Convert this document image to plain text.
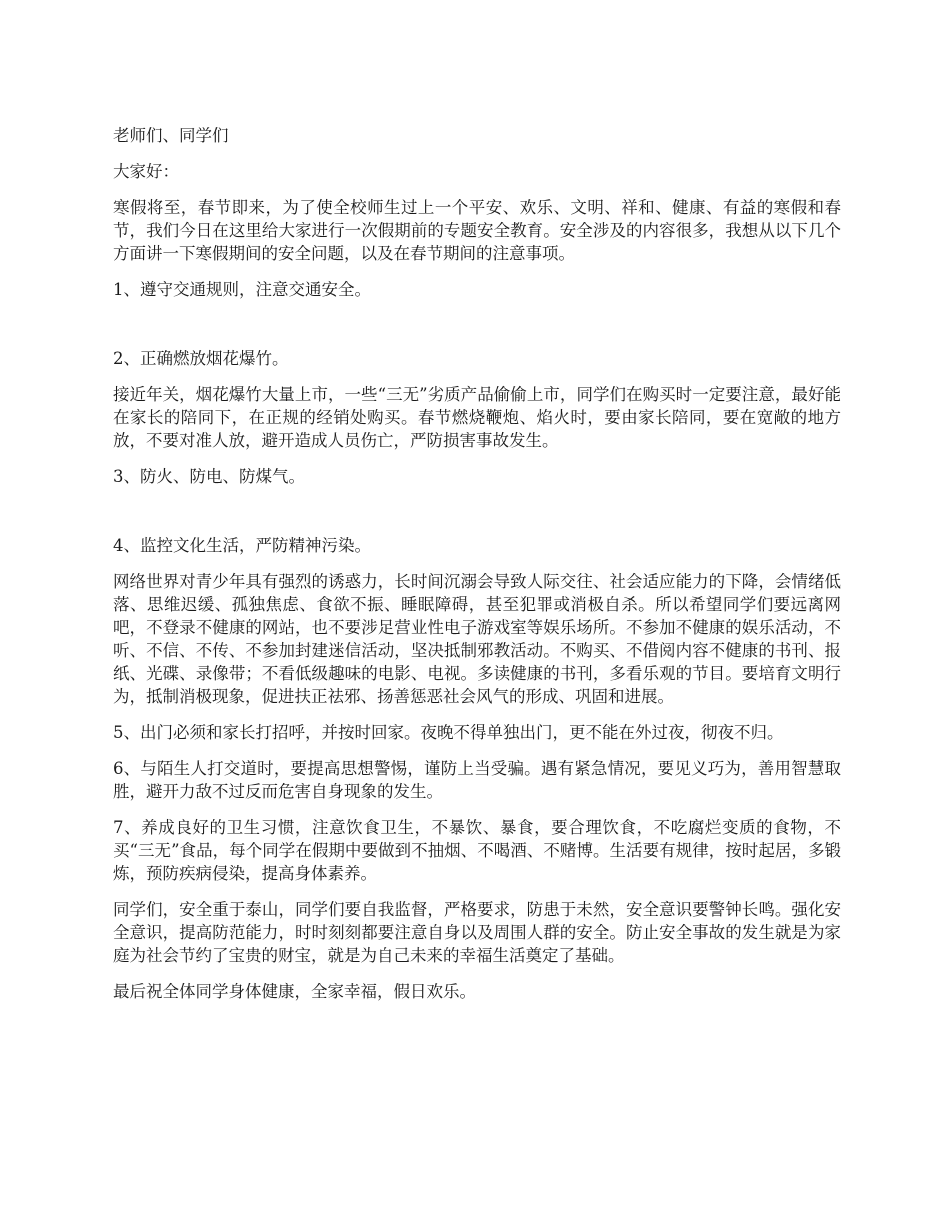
老师们、同学们

大家好：

寒假将至，春节即来，为了使全校师生过上一个平安、欢乐、文明、祥和、健康、有益的寒假和春节，我们今日在这里给大家进行一次假期前的专题安全教育。安全涉及的内容很多，我想从以下几个方面讲一下寒假期间的安全问题，以及在春节期间的注意事项。

1、遵守交通规则，注意交通安全。

2、正确燃放烟花爆竹。

接近年关，烟花爆竹大量上市，一些“三无”劣质产品偷偷上市，同学们在购买时一定要注意，最好能在家长的陪同下，在正规的经销处购买。春节燃烧鞭炮、焰火时，要由家长陪同，要在宽敞的地方放，不要对准人放，避开造成人员伤亡，严防损害事故发生。

3、防火、防电、防煤气。

4、监控文化生活，严防精神污染。

网络世界对青少年具有强烈的诱惑力，长时间沉溺会导致人际交往、社会适应能力的下降，会情绪低落、思维迟缓、孤独焦虑、食欲不振、睡眠障碍，甚至犯罪或消极自杀。所以希望同学们要远离网吧，不登录不健康的网站，也不要涉足营业性电子游戏室等娱乐场所。不参加不健康的娱乐活动，不听、不信、不传、不参加封建迷信活动，坚决抵制邪教活动。不购买、不借阅内容不健康的书刊、报纸、光碟、录像带；不看低级趣味的电影、电视。多读健康的书刊，多看乐观的节目。要培育文明行为，抵制消极现象，促进扶正祛邪、扬善惩恶社会风气的形成、巩固和进展。

5、出门必须和家长打招呼，并按时回家。夜晚不得单独出门，更不能在外过夜，彻夜不归。

6、与陌生人打交道时，要提高思想警惕，谨防上当受骗。遇有紧急情况，要见义巧为，善用智慧取胜，避开力敌不过反而危害自身现象的发生。

7、养成良好的卫生习惯，注意饮食卫生，不暴饮、暴食，要合理饮食，不吃腐烂变质的食物，不买“三无”食品，每个同学在假期中要做到不抽烟、不喝酒、不赌博。生活要有规律，按时起居，多锻炼，预防疾病侵染，提高身体素养。

同学们，安全重于泰山，同学们要自我监督，严格要求，防患于未然，安全意识要警钟长鸣。强化安全意识，提高防范能力，时时刻刻都要注意自身以及周围人群的安全。防止安全事故的发生就是为家庭为社会节约了宝贵的财宝，就是为自己未来的幸福生活奠定了基础。

最后祝全体同学身体健康，全家幸福，假日欢乐。
